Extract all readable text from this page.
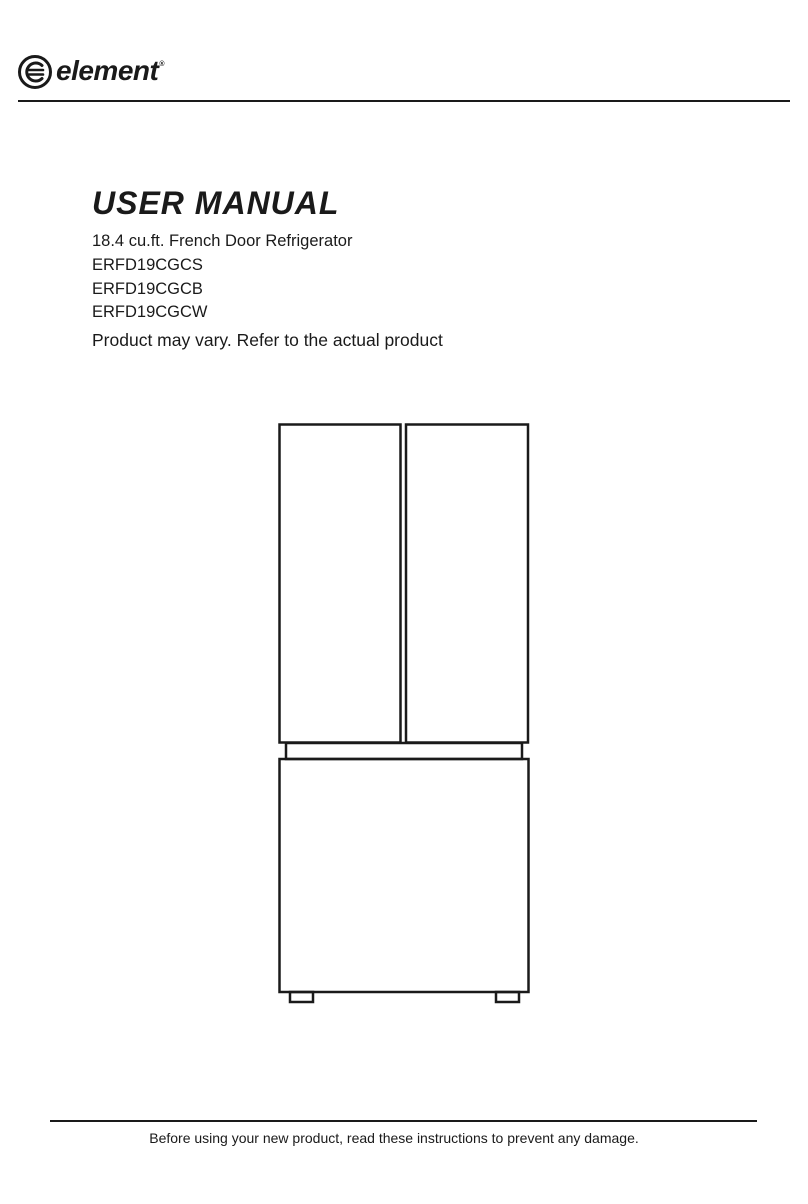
element ®
USER MANUAL

18.4 cu.ft. French Door Refrigerator

ERFD19CGCS

ERFD19CGCB

ERFD19CGCW

Product may vary. Refer to the actual product

Before using your new product, read these instructions to prevent any damage.
